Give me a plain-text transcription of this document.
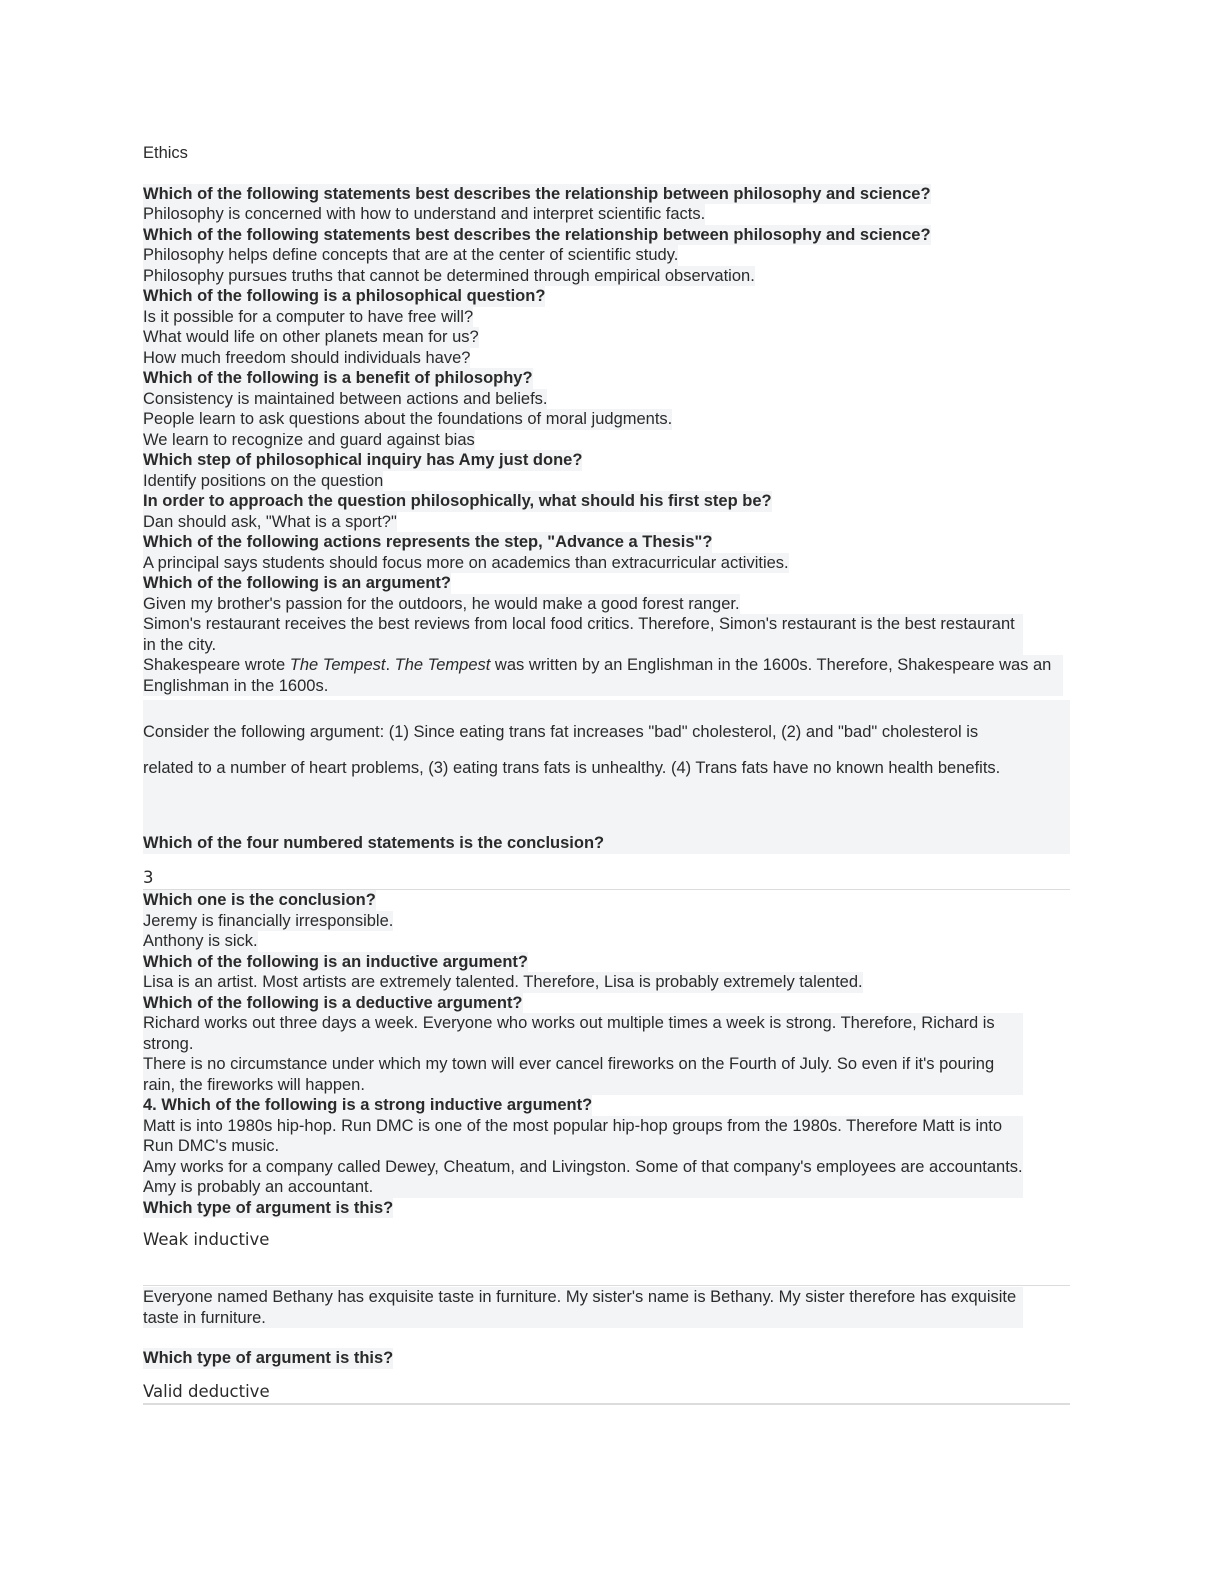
Ethics
Which of the following statements best describes the relationship between philosophy and science?
Philosophy is concerned with how to understand and interpret scientific facts.
Which of the following statements best describes the relationship between philosophy and science?
Philosophy helps define concepts that are at the center of scientific study.
Philosophy pursues truths that cannot be determined through empirical observation.
Which of the following is a philosophical question?
Is it possible for a computer to have free will?
What would life on other planets mean for us?
How much freedom should individuals have?
Which of the following is a benefit of philosophy?
Consistency is maintained between actions and beliefs.
People learn to ask questions about the foundations of moral judgments.
We learn to recognize and guard against bias
Which step of philosophical inquiry has Amy just done?
Identify positions on the question
In order to approach the question philosophically, what should his first step be?
Dan should ask, "What is a sport?"
Which of the following actions represents the step, "Advance a Thesis"?
A principal says students should focus more on academics than extracurricular activities.
Which of the following is an argument?
Given my brother's passion for the outdoors, he would make a good forest ranger.
Simon's restaurant receives the best reviews from local food critics. Therefore, Simon's restaurant is the best restaurant in the city.
Shakespeare wrote The Tempest. The Tempest was written by an Englishman in the 1600s. Therefore, Shakespeare was an Englishman in the 1600s.
Consider the following argument: (1) Since eating trans fat increases "bad" cholesterol, (2) and "bad" cholesterol is
related to a number of heart problems, (3) eating trans fats is unhealthy. (4) Trans fats have no known health benefits.
Which of the four numbered statements is the conclusion?
3
Which one is the conclusion?
Jeremy is financially irresponsible.
Anthony is sick.
Which of the following is an inductive argument?
Lisa is an artist. Most artists are extremely talented. Therefore, Lisa is probably extremely talented.
Which of the following is a deductive argument?
Richard works out three days a week. Everyone who works out multiple times a week is strong. Therefore, Richard is strong.
There is no circumstance under which my town will ever cancel fireworks on the Fourth of July. So even if it's pouring rain, the fireworks will happen.
4. Which of the following is a strong inductive argument?
Matt is into 1980s hip-hop. Run DMC is one of the most popular hip-hop groups from the 1980s. Therefore Matt is into Run DMC's music.
Amy works for a company called Dewey, Cheatum, and Livingston. Some of that company's employees are accountants. Amy is probably an accountant.
Which type of argument is this?
Weak inductive
Everyone named Bethany has exquisite taste in furniture. My sister's name is Bethany. My sister therefore has exquisite taste in furniture.
Which type of argument is this?
Valid deductive
